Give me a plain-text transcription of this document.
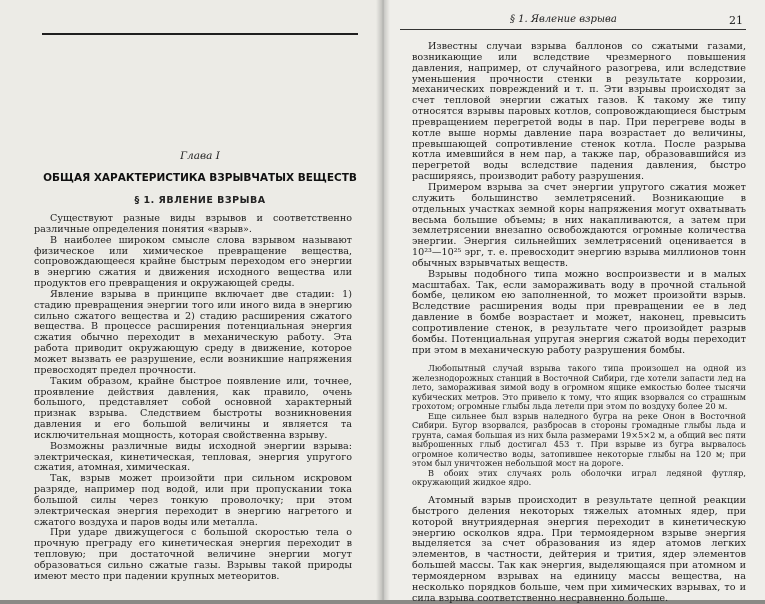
Глава I
ОБЩАЯ ХАРАКТЕРИСТИКА ВЗРЫВЧАТЫХ ВЕЩЕСТВ
§ 1. ЯВЛЕНИЕ ВЗРЫВА

Существуют разные виды взрывов и соответственно различные определения понятия «взрыв».

В наиболее широком смысле слова взрывом называют физическое или химическое превращение вещества, сопровождающееся крайне быстрым переходом его энергии в энергию сжатия и движения исходного вещества или продуктов его превращения и окружающей среды.

Явление взрыва в принципе включает две стадии: 1) стадию превращения энергии того или иного вида в энергию сильно сжатого вещества и 2) стадию расширения сжатого вещества. В процессе расширения потенциальная энергия сжатия обычно переходит в механическую работу. Эта работа приводит окружающую среду в движение, которое может вызвать ее разрушение, если возникшие напряжения превосходят предел прочности.

Таким образом, крайне быстрое появление или, точнее, проявление действия давления, как правило, очень большого, представляет собой основной характерный признак взрыва. Следствием быстроты возникновения давления и его большой величины и является та исключительная мощность, которая свойственна взрыву.

Возможны различные виды исходной энергии взрыва: электрическая, кинетическая, тепловая, энергия упругого сжатия, атомная, химическая.

Так, взрыв может произойти при сильном искровом разряде, например под водой, или при пропускании тока большой силы через тонкую проволочку; при этом электрическая энергия переходит в энергию нагретого и сжатого воздуха и паров воды или металла.

При ударе движущегося с большой скоростью тела о прочную преграду его кинетическая энергия переходит в тепловую; при достаточной величине энергии могут образоваться сильно сжатые газы. Взрывы такой природы имеют место при падении крупных метеоритов.

§ 1. Явление взрыва	21

Известны случаи взрыва баллонов со сжатыми газами, возникающие или вследствие чрезмерного повышения давления, например, от случайного разогрева, или вследствие уменьшения прочности стенки в результате коррозии, механических повреждений и т. п. Эти взрывы происходят за счет тепловой энергии сжатых газов. К такому же типу относятся взрывы паровых котлов, сопровождающиеся быстрым превращением перегретой воды в пар. При перегреве воды в котле выше нормы давление пара возрастает до величины, превышающей сопротивление стенок котла. После разрыва котла имевшийся в нем пар, а также пар, образовавшийся из перегретой воды вследствие падения давления, быстро расширяясь, производит работу разрушения.

Примером взрыва за счет энергии упругого сжатия может служить большинство землетрясений. Возникающие в отдельных участках земной коры напряжения могут охватывать весьма большие объемы; в них накапливаются, а затем при землетрясении внезапно освобождаются огромные количества энергии. Энергия сильнейших землетрясений оценивается в 10²³—10²⁵ эрг, т. е. превосходит энергию взрыва миллионов тонн обычных взрывчатых веществ.

Взрывы подобного типа можно воспроизвести и в малых масштабах. Так, если замораживать воду в прочной стальной бомбе, целиком ею заполненной, то может произойти взрыв. Вследствие расширения воды при превращении ее в лед давление в бомбе возрастает и может, наконец, превысить сопротивление стенок, в результате чего произойдет разрыв бомбы. Потенциальная упругая энергия сжатой воды переходит при этом в механическую работу разрушения бомбы.

Любопытный случай взрыва такого типа произошел на одной из железнодорожных станций в Восточной Сибири, где хотели запасти лед на лето, замораживая зимой воду в огромном ящике емкостью более тысячи кубических метров. Это привело к тому, что ящик взорвался со страшным грохотом; огромные глыбы льда летели при этом по воздуху более 20 м.

Еще сильнее был взрыв наледного бугра на реке Онон в Восточной Сибири. Бугор взорвался, разбросав в стороны громадные глыбы льда и грунта, самая большая из них была размерами 19×5×2 м, а общий вес пяти выброшенных глыб достигал 453 т. При взрыве из бугра вырвалось огромное количество воды, затопившее некоторые глыбы на 120 м; при этом был уничтожен небольшой мост на дороге.

В обоих этих случаях роль оболочки играл ледяной футляр, окружающий жидкое ядро.

Атомный взрыв происходит в результате цепной реакции быстрого деления некоторых тяжелых атомных ядер, при которой внутриядерная энергия переходит в кинетическую энергию осколков ядра. При термоядерном взрыве энергия выделяется за счет образования из ядер атомов легких элементов, в частности, дейтерия и трития, ядер элементов большей массы. Так как энергия, выделяющаяся при атомном и термоядерном взрывах на единицу массы вещества, на несколько порядков больше, чем при химических взрывах, то и сила взрыва соответственно несравненно больше.
